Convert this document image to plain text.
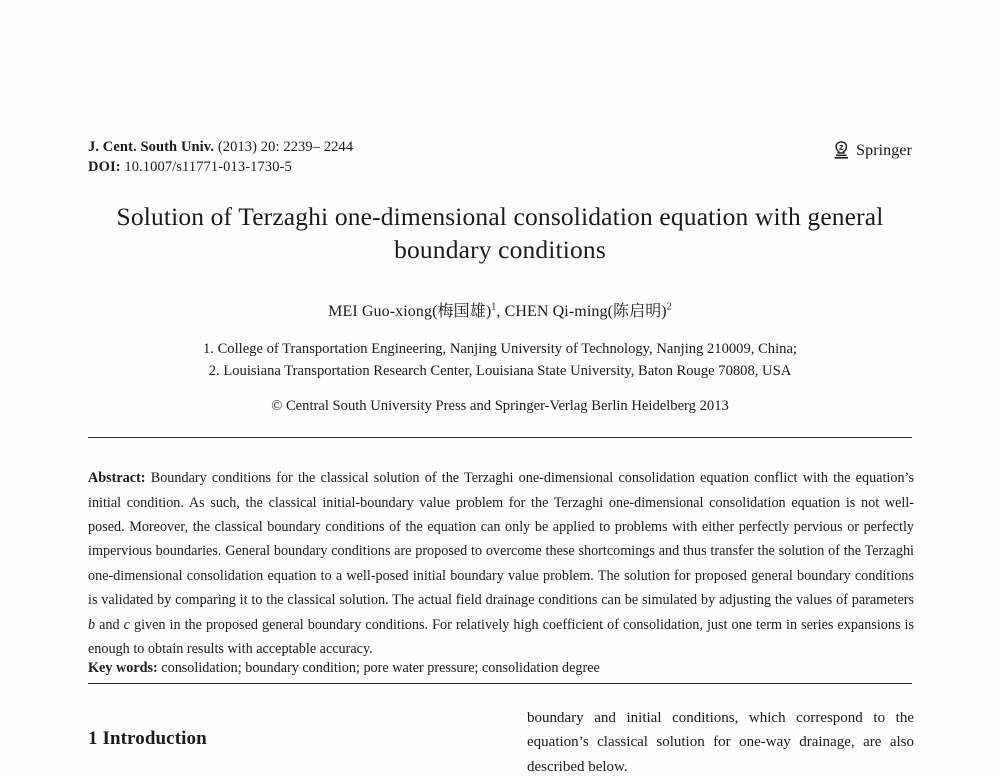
J. Cent. South Univ. (2013) 20: 2239– 2244
DOI: 10.1007/s11771-013-1730-5
Springer
Solution of Terzaghi one-dimensional consolidation equation with general boundary conditions
MEI Guo-xiong(梅国雄)$^1$, CHEN Qi-ming(陈启明)$^2$
1. College of Transportation Engineering, Nanjing University of Technology, Nanjing 210009, China;
2. Louisiana Transportation Research Center, Louisiana State University, Baton Rouge 70808, USA
© Central South University Press and Springer-Verlag Berlin Heidelberg 2013

Abstract: Boundary conditions for the classical solution of the Terzaghi one-dimensional consolidation equation conflict with the equation’s initial condition. As such, the classical initial-boundary value problem for the Terzaghi one-dimensional consolidation equation is not well-posed. Moreover, the classical boundary conditions of the equation can only be applied to problems with either perfectly pervious or perfectly impervious boundaries. General boundary conditions are proposed to overcome these shortcomings and thus transfer the solution of the Terzaghi one-dimensional consolidation equation to a well-posed initial boundary value problem. The solution for proposed general boundary conditions is validated by comparing it to the classical solution. The actual field drainage conditions can be simulated by adjusting the values of parameters b and c given in the proposed general boundary conditions. For relatively high coefficient of consolidation, just one term in series expansions is enough to obtain results with acceptable accuracy.

Key words: consolidation; boundary condition; pore water pressure; consolidation degree

1 Introduction

boundary and initial conditions, which correspond to the equation’s classical solution for one-way drainage, are also described below.
